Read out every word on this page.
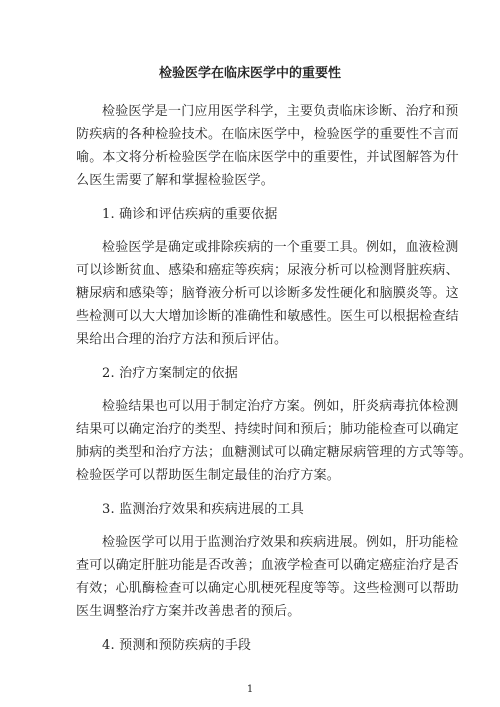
检验医学在临床医学中的重要性
检验医学是一门应用医学科学，主要负责临床诊断、治疗和预
防疾病的各种检验技术。在临床医学中，检验医学的重要性不言而
喻。本文将分析检验医学在临床医学中的重要性，并试图解答为什
么医生需要了解和掌握检验医学。
1. 确诊和评估疾病的重要依据
检验医学是确定或排除疾病的一个重要工具。例如，血液检测
可以诊断贫血、感染和癌症等疾病；尿液分析可以检测肾脏疾病、
糖尿病和感染等；脑脊液分析可以诊断多发性硬化和脑膜炎等。这
些检测可以大大增加诊断的准确性和敏感性。医生可以根据检查结
果给出合理的治疗方法和预后评估。
2. 治疗方案制定的依据
检验结果也可以用于制定治疗方案。例如，肝炎病毒抗体检测
结果可以确定治疗的类型、持续时间和预后；肺功能检查可以确定
肺病的类型和治疗方法；血糖测试可以确定糖尿病管理的方式等等。
检验医学可以帮助医生制定最佳的治疗方案。
3. 监测治疗效果和疾病进展的工具
检验医学可以用于监测治疗效果和疾病进展。例如，肝功能检
查可以确定肝脏功能是否改善；血液学检查可以确定癌症治疗是否
有效；心肌酶检查可以确定心肌梗死程度等等。这些检测可以帮助
医生调整治疗方案并改善患者的预后。
4. 预测和预防疾病的手段
1
